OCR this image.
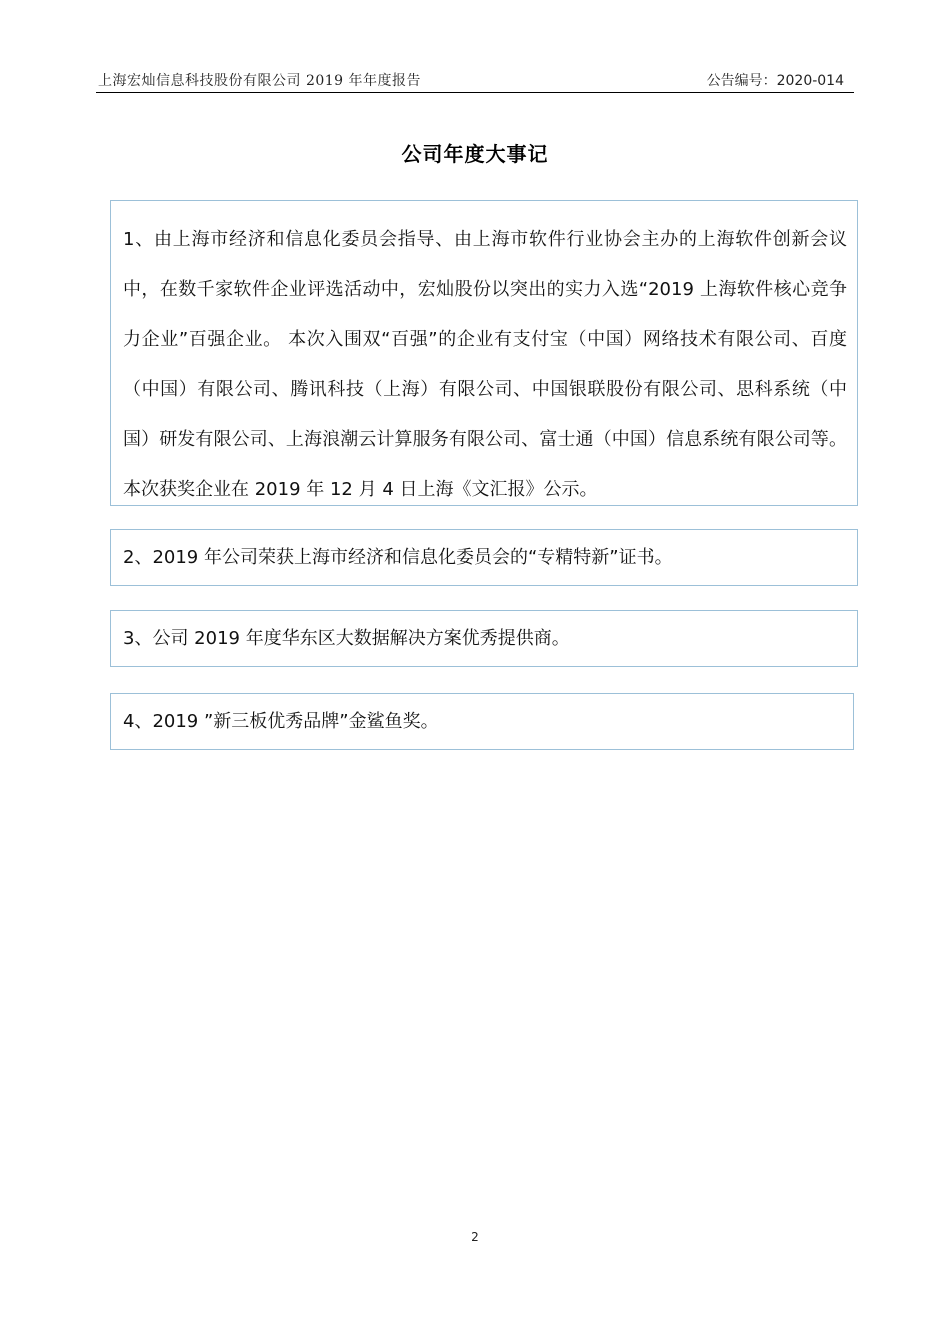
上海宏灿信息科技股份有限公司 2019 年年度报告	公告编号：2020-014
公司年度大事记
1、由上海市经济和信息化委员会指导、由上海市软件行业协会主办的上海软件创新会议中，在数千家软件企业评选活动中，宏灿股份以突出的实力入选“2019 上海软件核心竞争力企业”百强企业。 本次入围双“百强”的企业有支付宝（中国）网络技术有限公司、百度（中国）有限公司、腾讯科技（上海）有限公司、中国银联股份有限公司、思科系统（中国）研发有限公司、上海浪潮云计算服务有限公司、富士通（中国）信息系统有限公司等。本次获奖企业在 2019 年 12 月 4 日上海《文汇报》公示。
2、2019 年公司荣获上海市经济和信息化委员会的“专精特新”证书。
3、公司 2019 年度华东区大数据解决方案优秀提供商。
4、2019 ”新三板优秀品牌”金鲨鱼奖。
2
